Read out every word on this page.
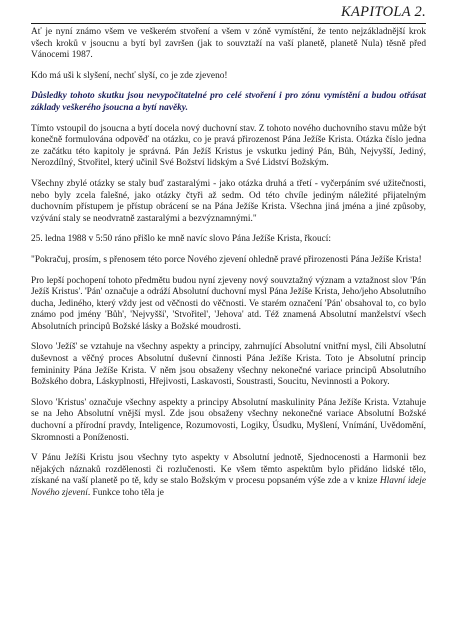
KAPITOLA 2.

Ať je nyní známo všem ve veškerém stvoření a všem v zóně vymístění, že tento nejzákladnější krok všech kroků v jsoucnu a bytí byl završen (jak to souvztaží na vaší planetě, planetě Nula) těsně před Vánocemi 1987.

Kdo má uši k slyšení, nechť slyší, co je zde zjeveno!

Důsledky tohoto skutku jsou nevypočitatelné pro celé stvoření i pro zónu vymístění a budou otřásat základy veškerého jsoucna a bytí navěky.

Tímto vstoupil do jsoucna a bytí docela nový duchovní stav. Z tohoto nového duchovního stavu může být konečně formulována odpověď na otázku, co je pravá přirozenost Pána Ježíše Krista. Otázka číslo jedna ze začátku této kapitoly je správná. Pán Ježíš Kristus je vskutku jediný Pán, Bůh, Nejvyšší, Jediný, Nerozdílný, Stvořitel, který učinil Své Božství lidským a Své Lidství Božským.

Všechny zbylé otázky se staly buď zastaralými - jako otázka druhá a třetí - vyčerpáním své užitečnosti, nebo byly zcela falešné, jako otázky čtyři až sedm. Od této chvíle jediným náležité přijatelným duchovním přístupem je přístup obrácení se na Pána Ježíše Krista. Všechna jiná jména a jiné způsoby, vzývání staly se neodvratně zastaralými a bezvýznamnými."

25. ledna 1988 v 5:50 ráno přišlo ke mně navíc slovo Pána Ježíše Krista, řkoucí:

"Pokračuj, prosím, s přenosem této porce Nového zjevení ohledně pravé přirozenosti Pána Ježíše Krista!

Pro lepší pochopení tohoto předmětu budou nyní zjeveny nový souvztažný význam a vztažnost slov 'Pán Ježíš Kristus'. 'Pán' označuje a odráží Absolutní duchovní mysl Pána Ježíše Krista, Jeho/jeho Absolutního ducha, Jediného, který vždy jest od věčnosti do věčnosti. Ve starém označení 'Pán' obsahoval to, co bylo známo pod jmény 'Bůh', 'Nejvyšší', 'Stvořitel', 'Jehova' atd. Též znamená Absolutní manželství všech Absolutních principů Božské lásky a Božské moudrosti.

Slovo 'Ježíš' se vztahuje na všechny aspekty a principy, zahrnující Absolutní vnitřní mysl, čili Absolutní duševnost a věčný proces Absolutní duševní činnosti Pána Ježíše Krista. Toto je Absolutní princip femininity Pána Ježíše Krista. V něm jsou obsaženy všechny nekonečné variace principů Absolutního Božského dobra, Láskyplnosti, Hřejivosti, Laskavosti, Soustrasti, Soucitu, Nevinnosti a Pokory.

Slovo 'Kristus' označuje všechny aspekty a principy Absolutní maskulinity Pána Ježíše Krista. Vztahuje se na Jeho Absolutní vnější mysl. Zde jsou obsaženy všechny nekonečné variace Absolutní Božské duchovní a přírodní pravdy, Inteligence, Rozumovosti, Logiky, Úsudku, Myšlení, Vnímání, Uvědomění, Skromnosti a Poníženosti.

V Pánu Ježíši Kristu jsou všechny tyto aspekty v Absolutní jednotě, Sjednocenosti a Harmonii bez nějakých náznaků rozdělenosti či rozlučenosti. Ke všem těmto aspektům bylo přidáno lidské tělo, získané na vaší planetě po tě, kdy se stalo Božským v procesu popsaném výše zde a v knize Hlavní ideje Nového zjevení. Funkce toho těla je
